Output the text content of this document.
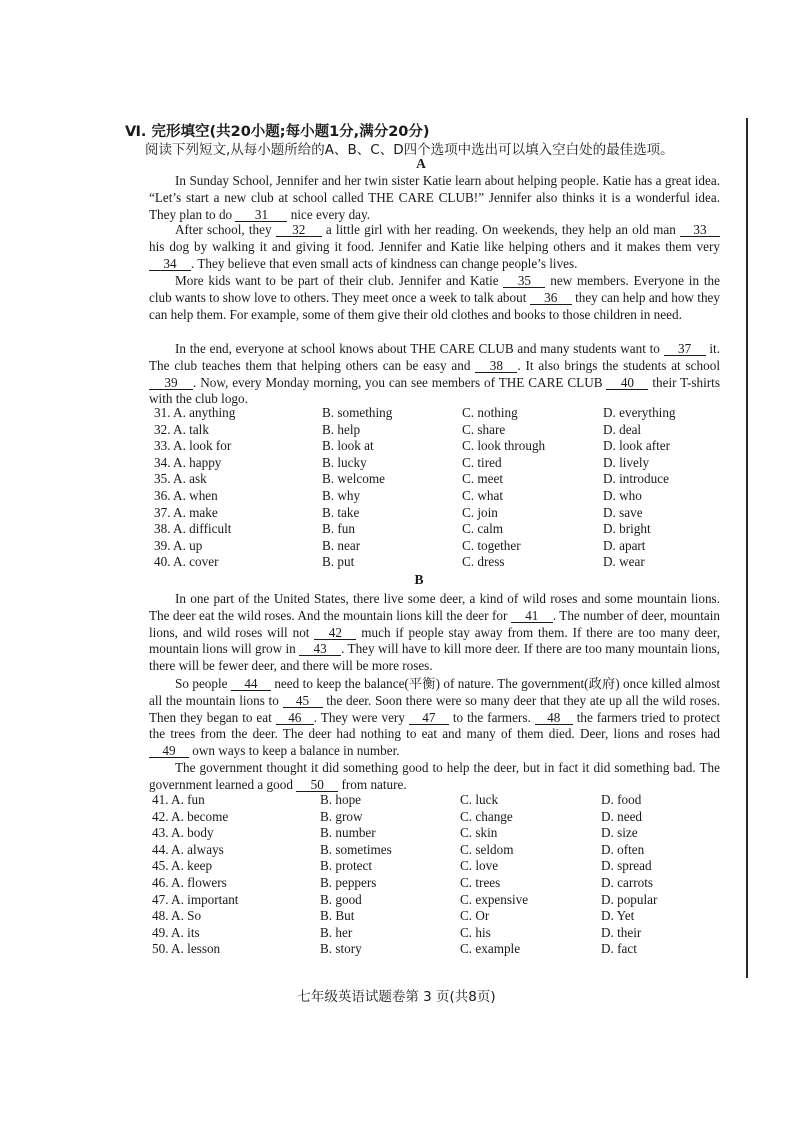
Ⅵ. 完形填空(共20小题;每小题1分,满分20分)
阅读下列短文,从每小题所给的A、B、C、D四个选项中选出可以填入空白处的最佳选项。
A
In Sunday School, Jennifer and her twin sister Katie learn about helping people. Katie has a great idea. “Let’s start a new club at school called THE CARE CLUB!” Jennifer also thinks it is a wonderful idea. They plan to do 31 nice every day.
After school, they 32 a little girl with her reading. On weekends, they help an old man 33 his dog by walking it and giving it food. Jennifer and Katie like helping others and it makes them very 34 . They believe that even small acts of kindness can change people’s lives.
More kids want to be part of their club. Jennifer and Katie 35 new members. Everyone in the club wants to show love to others. They meet once a week to talk about 36 they can help and how they can help them. For example, some of them give their old clothes and books to those children in need.
In the end, everyone at school knows about THE CARE CLUB and many students want to 37 it. The club teaches them that helping others can be easy and 38 . It also brings the students at school 39 . Now, every Monday morning, you can see members of THE CARE CLUB 40 their T-shirts with the club logo.
31. A. anything	B. something	C. nothing	D. everything
32. A. talk	B. help	C. share	D. deal
33. A. look for	B. look at	C. look through	D. look after
34. A. happy	B. lucky	C. tired	D. lively
35. A. ask	B. welcome	C. meet	D. introduce
36. A. when	B. why	C. what	D. who
37. A. make	B. take	C. join	D. save
38. A. difficult	B. fun	C. calm	D. bright
39. A. up	B. near	C. together	D. apart
40. A. cover	B. put	C. dress	D. wear
B
In one part of the United States, there live some deer, a kind of wild roses and some mountain lions. The deer eat the wild roses. And the mountain lions kill the deer for 41 . The number of deer, mountain lions, and wild roses will not 42 much if people stay away from them. If there are too many deer, mountain lions will grow in 43 . They will have to kill more deer. If there are too many mountain lions, there will be fewer deer, and there will be more roses.
So people 44 need to keep the balance(平衡) of nature. The government(政府) once killed almost all the mountain lions to 45 the deer. Soon there were so many deer that they ate up all the wild roses. Then they began to eat 46 . They were very 47 to the farmers. 48 the farmers tried to protect the trees from the deer. The deer had nothing to eat and many of them died. Deer, lions and roses had 49 own ways to keep a balance in number.
The government thought it did something good to help the deer, but in fact it did something bad. The government learned a good 50 from nature.
41. A. fun	B. hope	C. luck	D. food
42. A. become	B. grow	C. change	D. need
43. A. body	B. number	C. skin	D. size
44. A. always	B. sometimes	C. seldom	D. often
45. A. keep	B. protect	C. love	D. spread
46. A. flowers	B. peppers	C. trees	D. carrots
47. A. important	B. good	C. expensive	D. popular
48. A. So	B. But	C. Or	D. Yet
49. A. its	B. her	C. his	D. their
50. A. lesson	B. story	C. example	D. fact
七年级英语试题卷第 3 页(共8页)
